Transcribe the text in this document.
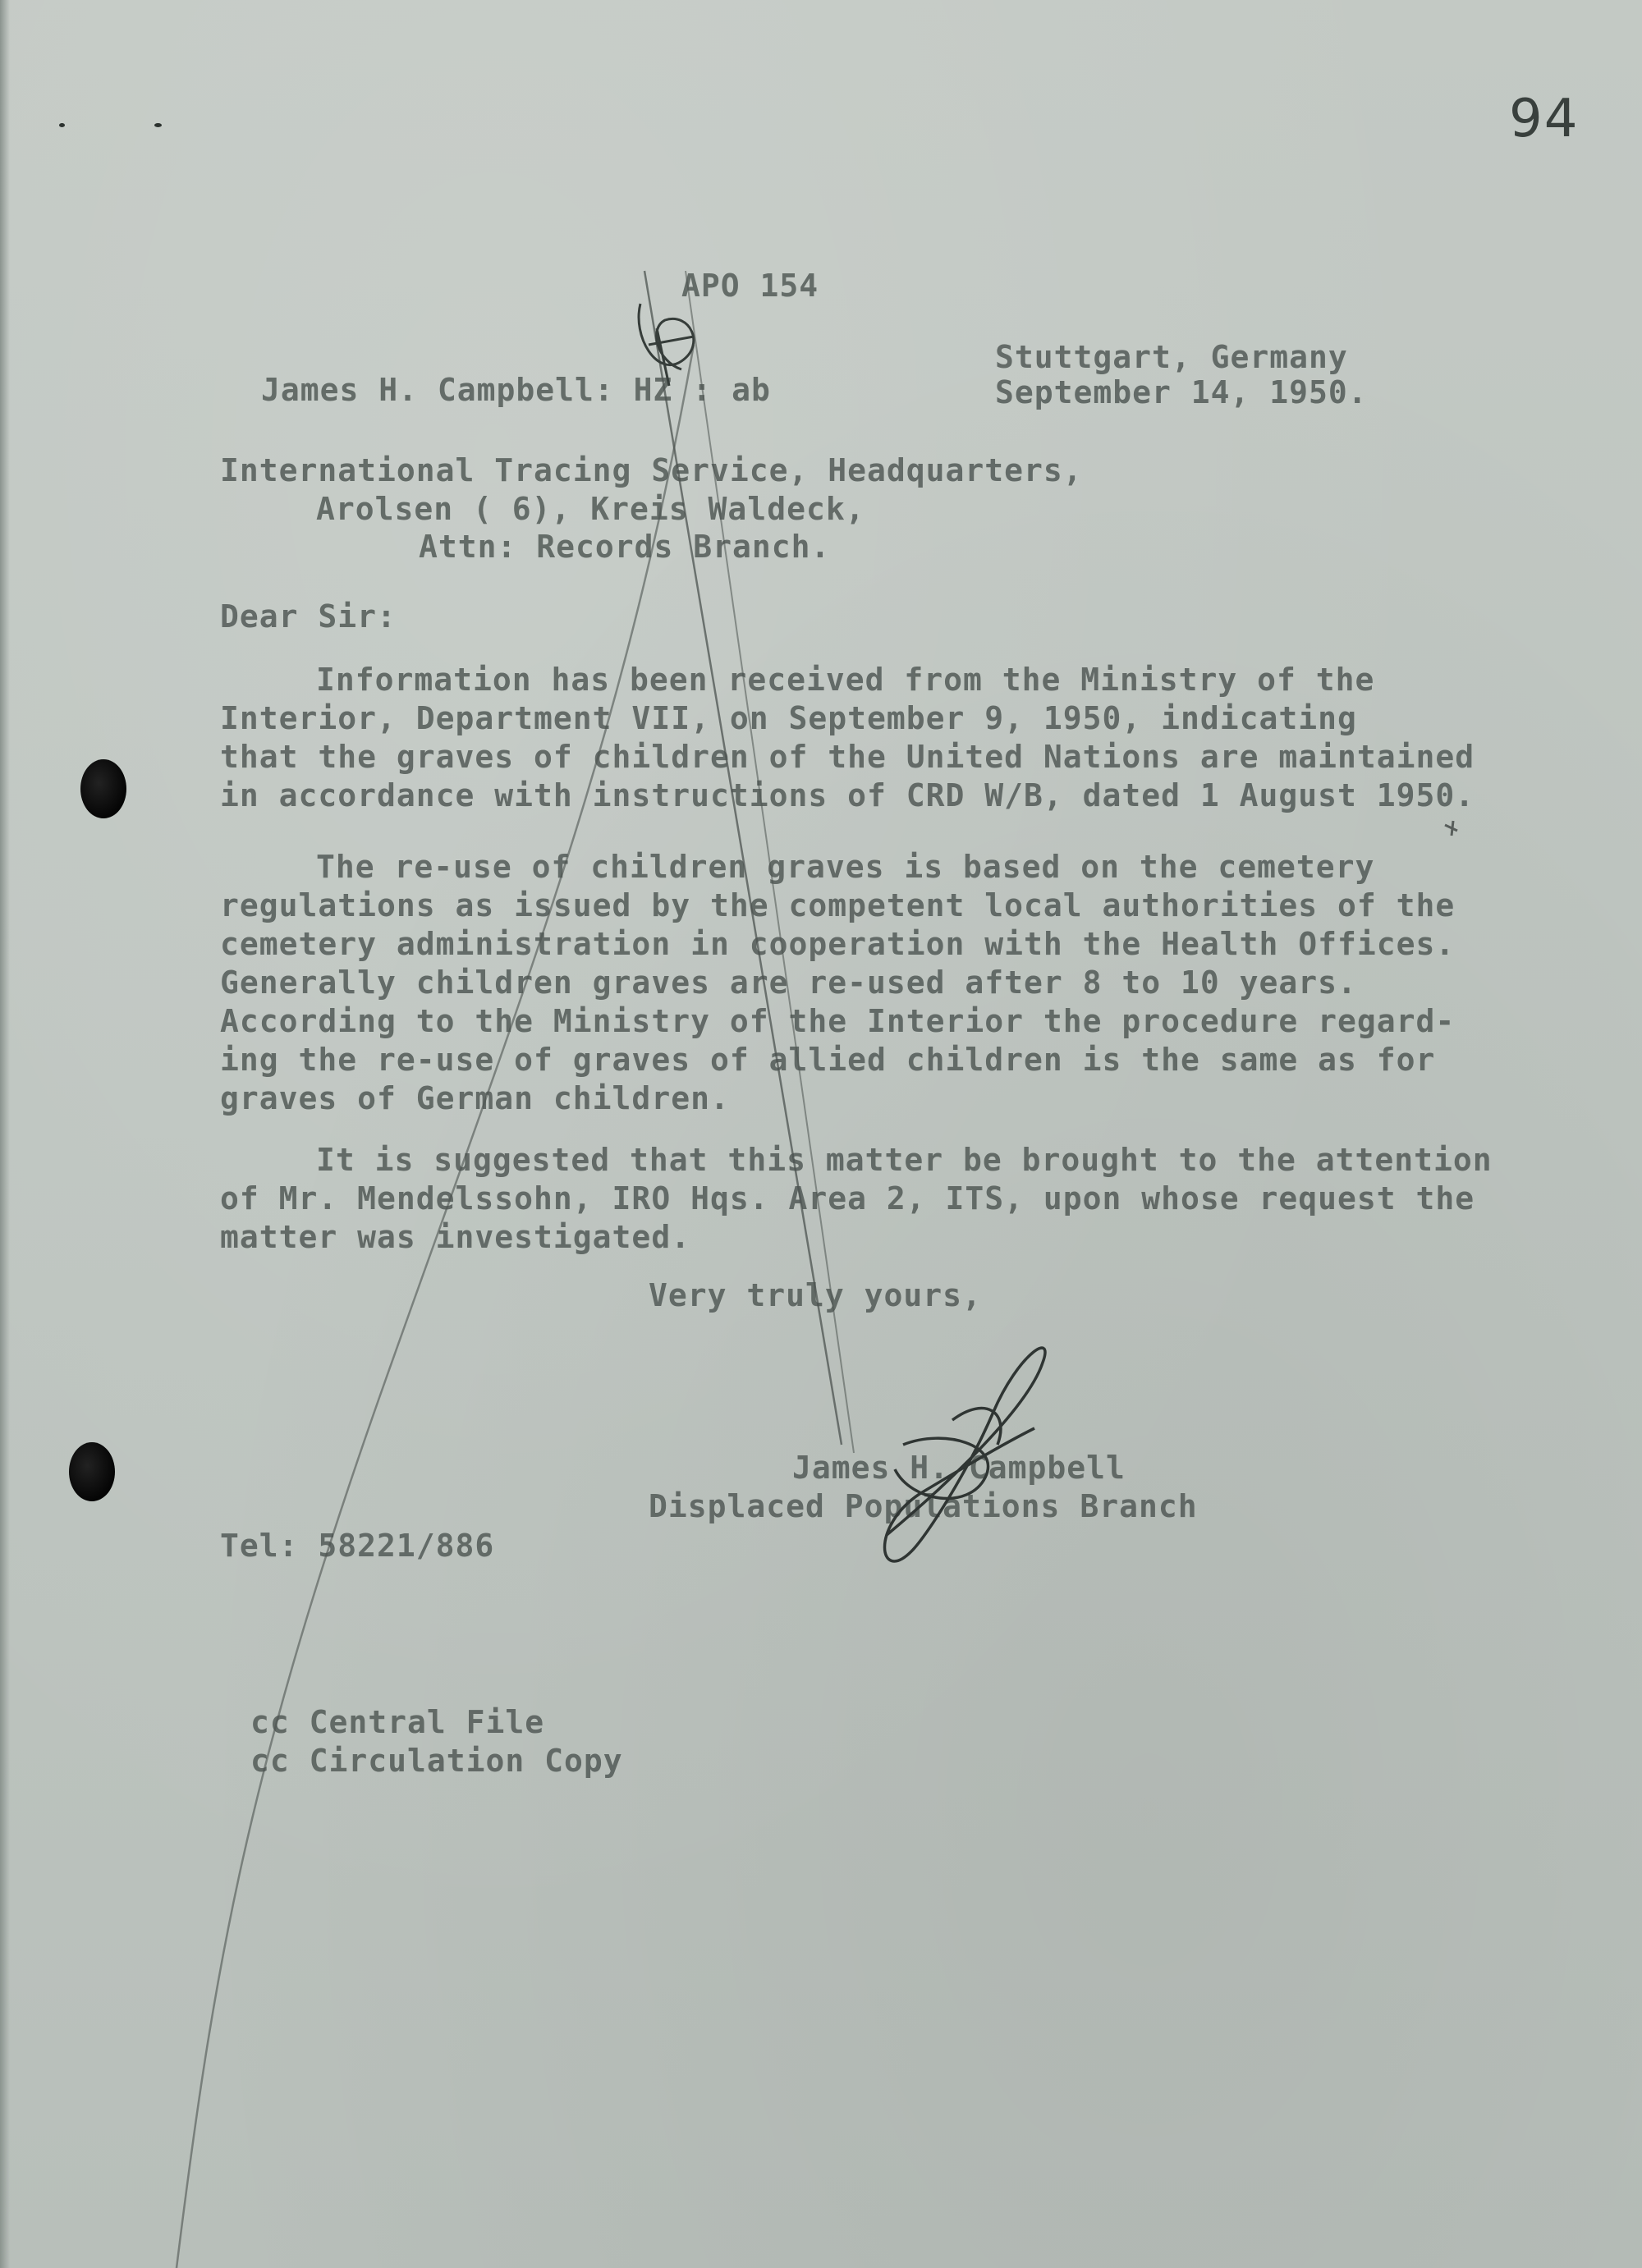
94
APO 154
James H. Campbell: HZ : ab
Stuttgart, Germany
September 14, 1950.
International Tracing Service, Headquarters,
Arolsen ( 6), Kreis Waldeck,
Attn: Records Branch.
Dear Sir:
Information has been received from the Ministry of the
Interior, Department VII, on September 9, 1950, indicating
that the graves of children of the United Nations are maintained
in accordance with instructions of CRD W/B, dated 1 August 1950.
The re-use of children graves is based on the cemetery
regulations as issued by the competent local authorities of the
cemetery administration in cooperation with the Health Offices.
Generally children graves are re-used after 8 to 10 years.
According to the Ministry of the Interior the procedure regard-
ing the re-use of graves of allied children is the same as for
graves of German children.
It is suggested that this matter be brought to the attention
of Mr. Mendelssohn, IRO Hqs. Area 2, ITS, upon whose request the
matter was investigated.
Very truly yours,
James H. Campbell
Displaced Populations Branch
Tel: 58221/886
cc Central File
cc Circulation Copy
